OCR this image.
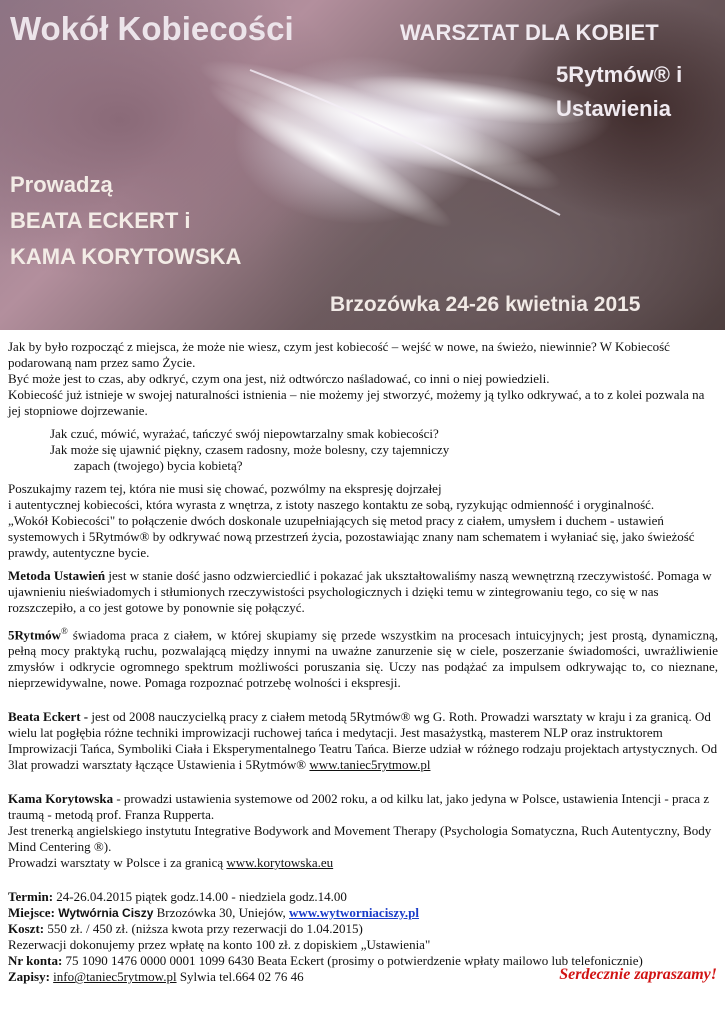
Wokół Kobiecości	WARSZTAT DLA KOBIET
5Rytmów® i
Ustawienia
Prowadzą
BEATA ECKERT i
KAMA KORYTOWSKA
Brzozówka 24-26 kwietnia 2015

Jak by było rozpocząć z miejsca, że może nie wiesz, czym jest kobiecość – wejść w nowe, na świeżo, niewinnie? W Kobiecość podarowaną nam przez samo Życie.

Być może jest to czas, aby odkryć, czym ona jest, niż odtwórczo naśladować, co inni o niej powiedzieli.

Kobiecość już istnieje w swojej naturalności istnienia – nie możemy jej stworzyć, możemy ją tylko odkrywać, a to z kolei pozwala na jej stopniowe dojrzewanie.

Jak czuć, mówić, wyrażać, tańczyć swój niepowtarzalny smak kobiecości?

Jak może się ujawnić piękny, czasem radosny, może bolesny, czy tajemniczy

zapach (twojego) bycia kobietą?

Poszukajmy razem tej, która nie musi się chować, pozwólmy na ekspresję dojrzałej

i autentycznej kobiecości, która wyrasta z wnętrza, z istoty naszego kontaktu ze sobą, ryzykując odmienność i oryginalność.

„Wokół Kobiecości" to połączenie dwóch doskonale uzupełniających się metod pracy z ciałem, umysłem i duchem - ustawień systemowych i 5Rytmów® by odkrywać nową przestrzeń życia, pozostawiając znany nam schematem i wyłaniać się, jako świeżość prawdy, autentyczne bycie.

Metoda Ustawień jest w stanie dość jasno odzwierciedlić i pokazać jak ukształtowaliśmy naszą wewnętrzną rzeczywistość. Pomaga w ujawnieniu nieświadomych i stłumionych rzeczywistości psychologicznych i dzięki temu w zintegrowaniu tego, co się w nas rozszczepiło, a co jest gotowe by ponownie się połączyć.

5Rytmów® świadoma praca z ciałem, w której skupiamy się przede wszystkim na procesach intuicyjnych; jest prostą, dynamiczną, pełną mocy praktyką ruchu, pozwalającą między innymi na uważne zanurzenie się w ciele, poszerzanie świadomości, uwrażliwienie zmysłów i odkrycie ogromnego spektrum możliwości poruszania się. Uczy nas podążać za impulsem odkrywając to, co nieznane, nieprzewidywalne, nowe. Pomaga rozpoznać potrzebę wolności i ekspresji.

Beata Eckert - jest od 2008 nauczycielką pracy z ciałem metodą 5Rytmów® wg G. Roth. Prowadzi warsztaty w kraju i za granicą. Od wielu lat pogłębia różne techniki improwizacji ruchowej tańca i medytacji. Jest masażystką, masterem NLP oraz instruktorem Improwizacji Tańca, Symboliki Ciała i Eksperymentalnego Teatru Tańca. Bierze udział w różnego rodzaju projektach artystycznych. Od 3lat prowadzi warsztaty łączące Ustawienia i 5Rytmów® www.taniec5rytmow.pl

Kama Korytowska - prowadzi ustawienia systemowe od 2002 roku, a od kilku lat, jako jedyna w Polsce, ustawienia Intencji - praca z traumą - metodą prof. Franza Rupperta.

Jest trenerką angielskiego instytutu Integrative Bodywork and Movement Therapy (Psychologia Somatyczna, Ruch Autentyczny, Body Mind Centering ®).

Prowadzi warsztaty w Polsce i za granicą www.korytowska.eu

Termin: 24-26.04.2015 piątek godz.14.00 - niedziela godz.14.00

Miejsce: Wytwórnia Ciszy Brzozówka 30, Uniejów, www.wytworniaciszy.pl

Koszt: 550 zł. / 450 zł. (niższa kwota przy rezerwacji do 1.04.2015)

Rezerwacji dokonujemy przez wpłatę na konto 100 zł. z dopiskiem „Ustawienia"

Nr konta: 75 1090 1476 0000 0001 1099 6430 Beata Eckert (prosimy o potwierdzenie wpłaty mailowo lub telefonicznie)

Zapisy: info@taniec5rytmow.pl Sylwia tel.664 02 76 46	Serdecznie zapraszamy!
